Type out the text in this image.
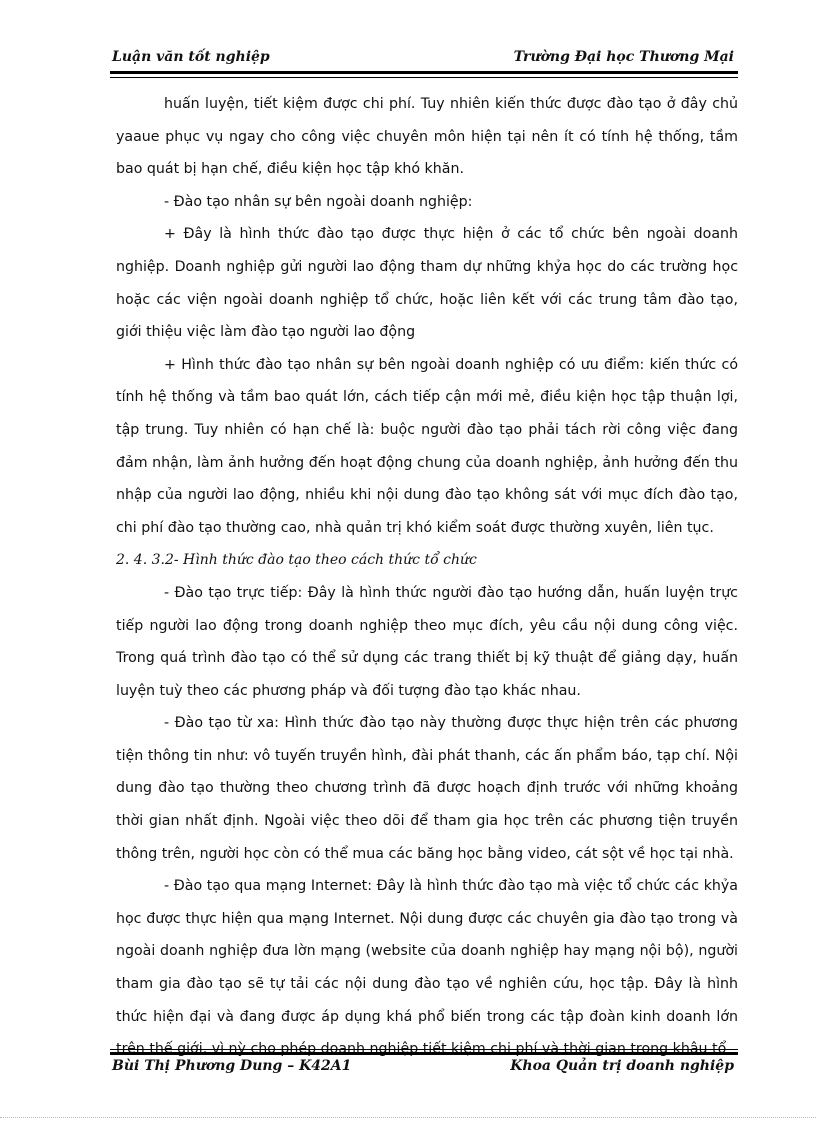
Luận văn tốt nghiệp	Trường Đại học Thương Mại

huấn luyện, tiết kiệm được chi phí. Tuy nhiên kiến thức được đào tạo ở đây chủ yaaue phục vụ ngay cho công việc chuyên môn hiện tại nên ít có tính hệ thống, tầm bao quát bị hạn chế, điều kiện học tập khó khăn.

- Đào tạo nhân sự bên ngoài doanh nghiệp:

+ Đây là hình thức đào tạo được thực hiện ở các tổ chức bên ngoài doanh nghiệp. Doanh nghiệp gửi người lao động tham dự những khỷa học do các trường học hoặc các viện ngoài doanh nghiệp tổ chức, hoặc liên kết với các trung tâm đào tạo, giới thiệu việc làm đào tạo người lao động

+ Hình thức đào tạo nhân sự bên ngoài doanh nghiệp có ưu điểm: kiến thức có tính hệ thống và tầm bao quát lớn, cách tiếp cận mới mẻ, điều kiện học tập thuận lợi, tập trung. Tuy nhiên có hạn chế là: buộc người đào tạo phải tách rời công việc đang đảm nhận, làm ảnh hưởng đến hoạt động chung của doanh nghiệp, ảnh hưởng đến thu nhập của người lao động, nhiều khi nội dung đào tạo không sát với mục đích đào tạo, chi phí đào tạo thường cao, nhà quản trị khó kiểm soát được thường xuyên, liên tục.

2. 4. 3.2- Hình thức đào tạo theo cách thức tổ chức

- Đào tạo trực tiếp: Đây là hình thức người đào tạo hướng dẫn, huấn luyện trực tiếp người lao động trong doanh nghiệp theo mục đích, yêu cầu nội dung công việc. Trong quá trình đào tạo có thể sử dụng các trang thiết bị kỹ thuật để giảng dạy, huấn luyện tuỳ theo các phương pháp và đối tượng đào tạo khác nhau.

- Đào tạo từ xa: Hình thức đào tạo này thường được thực hiện trên các phương tiện thông tin như: vô tuyến truyền hình, đài phát thanh, các ấn phẩm báo, tạp chí. Nội dung đào tạo thường theo chương trình đã được hoạch định trước với những khoảng thời gian nhất định. Ngoài việc theo dõi để tham gia học trên các phương tiện truyền thông trên, người học còn có thể mua các băng học bằng video, cát sột về học tại nhà.

- Đào tạo qua mạng Internet: Đây là hình thức đào tạo mà việc tổ chức các khỷa học được thực hiện qua mạng Internet. Nội dung được các chuyên gia đào tạo trong và ngoài doanh nghiệp đưa lờn mạng (website của doanh nghiệp hay mạng nội bộ), người tham gia đào tạo sẽ tự tải các nội dung đào tạo về nghiên cứu, học tập. Đây là hình thức hiện đại và đang được áp dụng khá phổ biến trong các tập đoàn kinh doanh lớn trên thế giới, vì nỳ cho phép doanh nghiệp tiết kiệm chi phí và thời gian trong khâu tổ

Bùi Thị Phương Dung – K42A1	Khoa Quản trị doanh nghiệp
